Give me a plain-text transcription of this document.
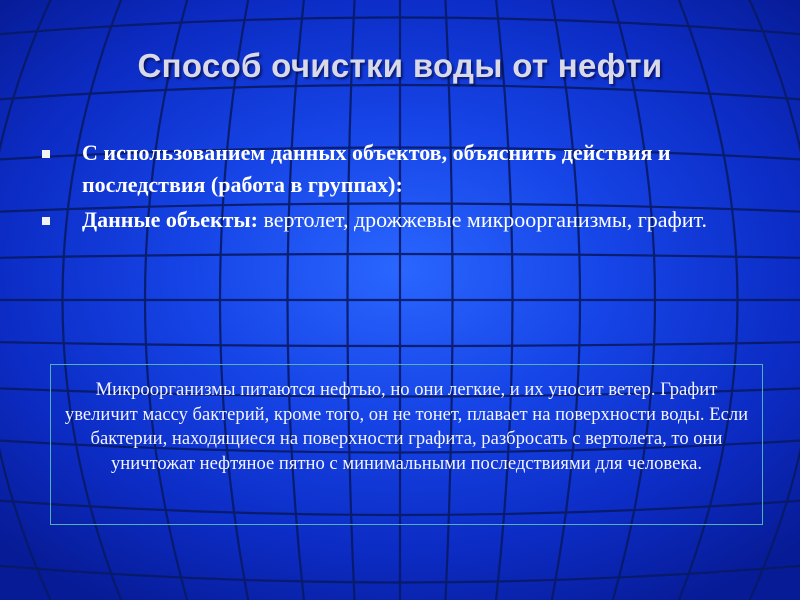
Способ очистки воды от нефти
С использованием данных объектов, объяснить действия и последствия (работа в группах):
Данные объекты: вертолет, дрожжевые микроорганизмы, графит.
Микроорганизмы питаются нефтью, но они легкие, и их уносит ветер. Графит увеличит массу бактерий, кроме того, он не тонет, плавает на поверхности воды. Если бактерии, находящиеся на поверхности графита, разбросать с вертолета, то они уничтожат нефтяное пятно с минимальными последствиями для человека.
